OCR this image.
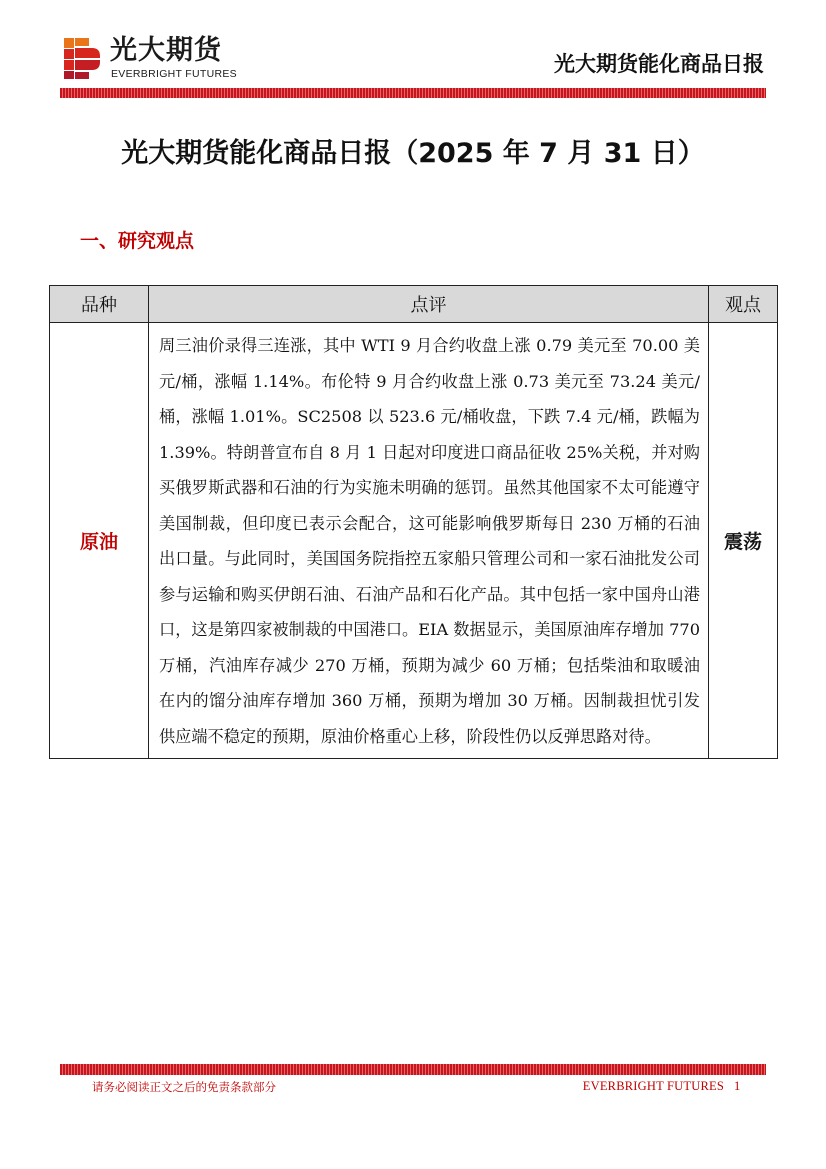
光大期货
EVERBRIGHT FUTURES	光大期货能化商品日报
光大期货能化商品日报（2025 年 7 月 31 日）
一、研究观点
品种	点评	观点
原油	周三油价录得三连涨，其中 WTI 9 月合约收盘上涨 0.79 美元至 70.00 美元/桶，涨幅 1.14%。布伦特 9 月合约收盘上涨 0.73 美元至 73.24 美元/桶，涨幅 1.01%。SC2508 以 523.6 元/桶收盘，下跌 7.4 元/桶，跌幅为 1.39%。特朗普宣布自 8 月 1 日起对印度进口商品征收 25%关税，并对购买俄罗斯武器和石油的行为实施未明确的惩罚。虽然其他国家不太可能遵守美国制裁，但印度已表示会配合，这可能影响俄罗斯每日 230 万桶的石油出口量。与此同时，美国国务院指控五家船只管理公司和一家石油批发公司参与运输和购买伊朗石油、石油产品和石化产品。其中包括一家中国舟山港口，这是第四家被制裁的中国港口。EIA 数据显示，美国原油库存增加 770 万桶，汽油库存减少 270 万桶，预期为减少 60 万桶；包括柴油和取暖油在内的馏分油库存增加 360 万桶，预期为增加 30 万桶。因制裁担忧引发供应端不稳定的预期，原油价格重心上移，阶段性仍以反弹思路对待。	震荡
请务必阅读正文之后的免责条款部分	EVERBRIGHT FUTURES 1
